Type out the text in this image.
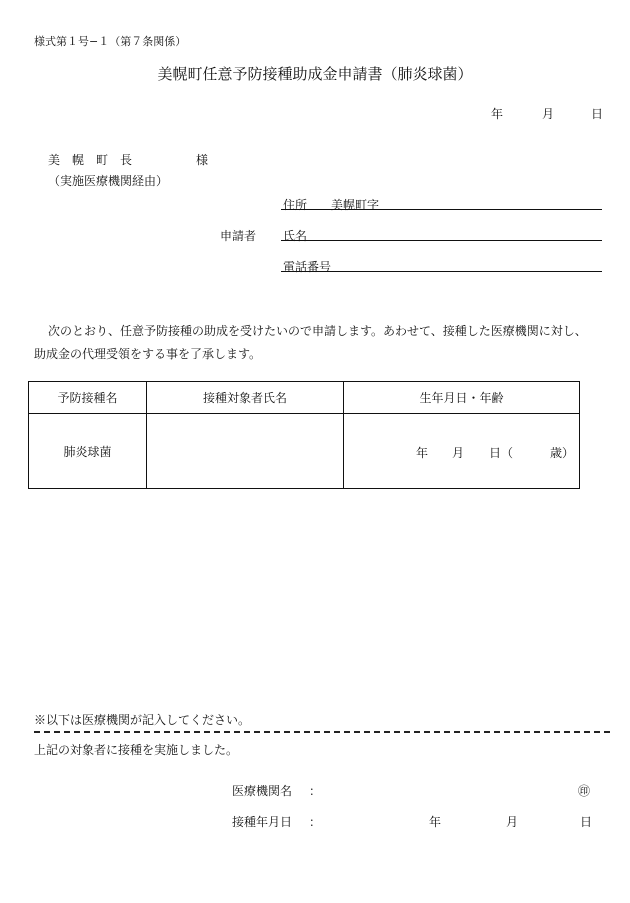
様式第１号−１（第７条関係）
美幌町任意予防接種助成金申請書（肺炎球菌）
年	月	日
美　幌　町　長	様
（実施医療機関経由）
住所 美幌町字
申請者 氏名
電話番号
次のとおり、任意予防接種の助成を受けたいので申請します。あわせて、接種した医療機関に対し、
助成金の代理受領をする事を了承します。
予防接種名	接種対象者氏名	生年月日・年齢
肺炎球菌		年 月 日（ 歳）
※以下は医療機関が記入してください。
上記の対象者に接種を実施しました。
医療機関名 ：	㊞
接種年月日 ：	年	月	日
